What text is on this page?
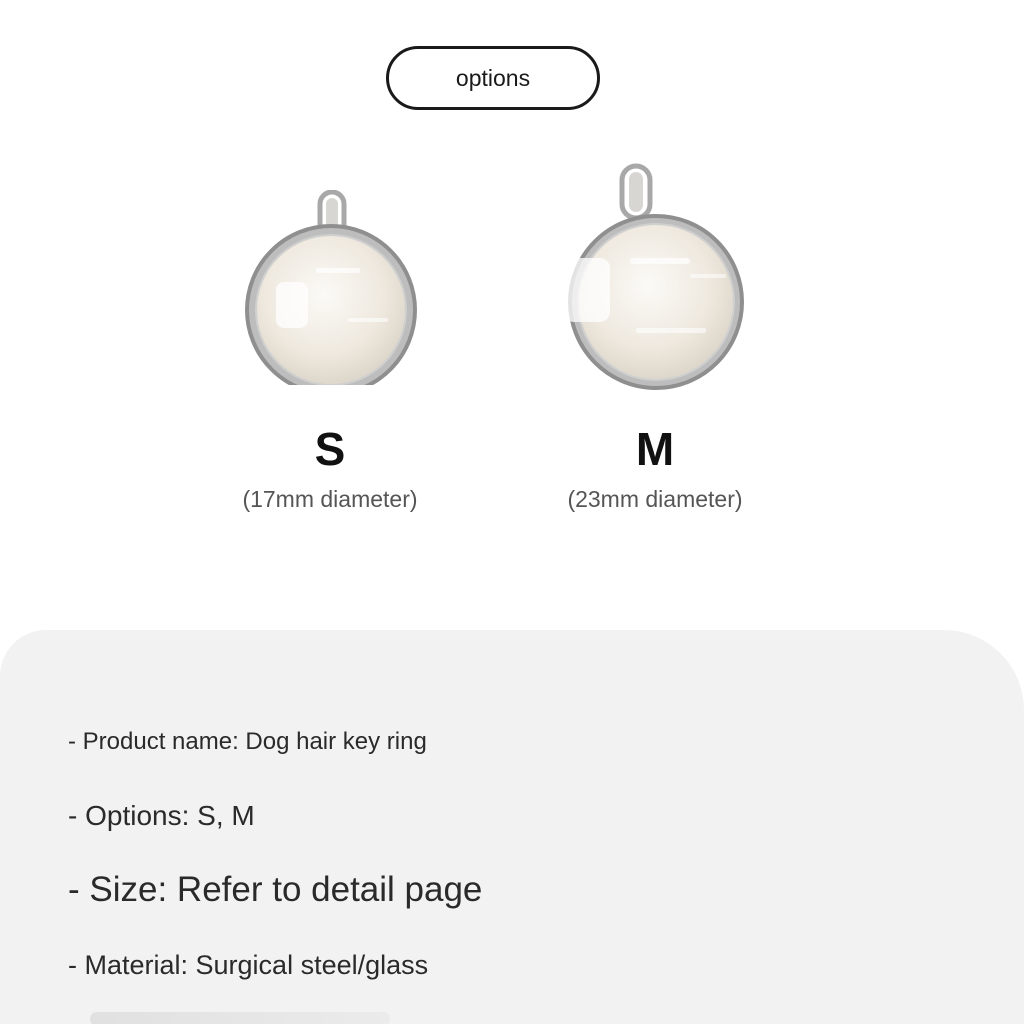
options
S
(17mm diameter)
M
(23mm diameter)
- Product name: Dog hair key ring
- Options: S, M
- Size: Refer to detail page
- Material: Surgical steel/glass
